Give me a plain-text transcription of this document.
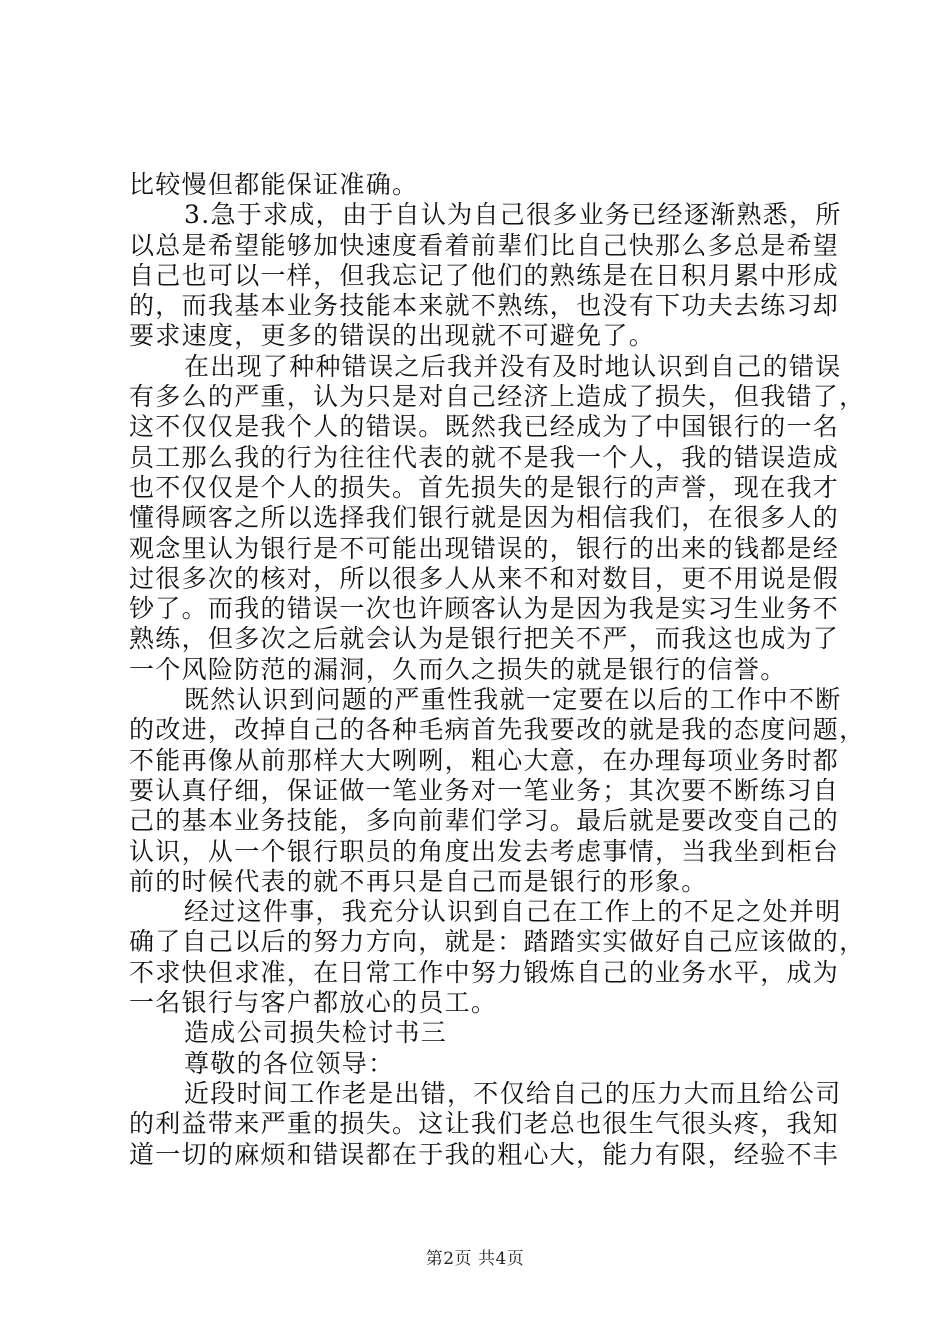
比较慢但都能保证准确。
3.急于求成，由于自认为自己很多业务已经逐渐熟悉，所
以总是希望能够加快速度看着前辈们比自己快那么多总是希望
自己也可以一样，但我忘记了他们的熟练是在日积月累中形成
的，而我基本业务技能本来就不熟练，也没有下功夫去练习却
要求速度，更多的错误的出现就不可避免了。
在出现了种种错误之后我并没有及时地认识到自己的错误
有多么的严重，认为只是对自己经济上造成了损失，但我错了，
这不仅仅是我个人的错误。既然我已经成为了中国银行的一名
员工那么我的行为往往代表的就不是我一个人，我的错误造成
也不仅仅是个人的损失。首先损失的是银行的声誉，现在我才
懂得顾客之所以选择我们银行就是因为相信我们，在很多人的
观念里认为银行是不可能出现错误的，银行的出来的钱都是经
过很多次的核对，所以很多人从来不和对数目，更不用说是假
钞了。而我的错误一次也许顾客认为是因为我是实习生业务不
熟练，但多次之后就会认为是银行把关不严，而我这也成为了
一个风险防范的漏洞，久而久之损失的就是银行的信誉。
既然认识到问题的严重性我就一定要在以后的工作中不断
的改进，改掉自己的各种毛病首先我要改的就是我的态度问题，
不能再像从前那样大大咧咧，粗心大意，在办理每项业务时都
要认真仔细，保证做一笔业务对一笔业务；其次要不断练习自
己的基本业务技能，多向前辈们学习。最后就是要改变自己的
认识，从一个银行职员的角度出发去考虑事情，当我坐到柜台
前的时候代表的就不再只是自己而是银行的形象。
经过这件事，我充分认识到自己在工作上的不足之处并明
确了自己以后的努力方向，就是：踏踏实实做好自己应该做的，
不求快但求准，在日常工作中努力锻炼自己的业务水平，成为
一名银行与客户都放心的员工。
造成公司损失检讨书三
尊敬的各位领导：
近段时间工作老是出错，不仅给自己的压力大而且给公司
的利益带来严重的损失。这让我们老总也很生气很头疼，我知
道一切的麻烦和错误都在于我的粗心大，能力有限，经验不丰
第2页 共4页
